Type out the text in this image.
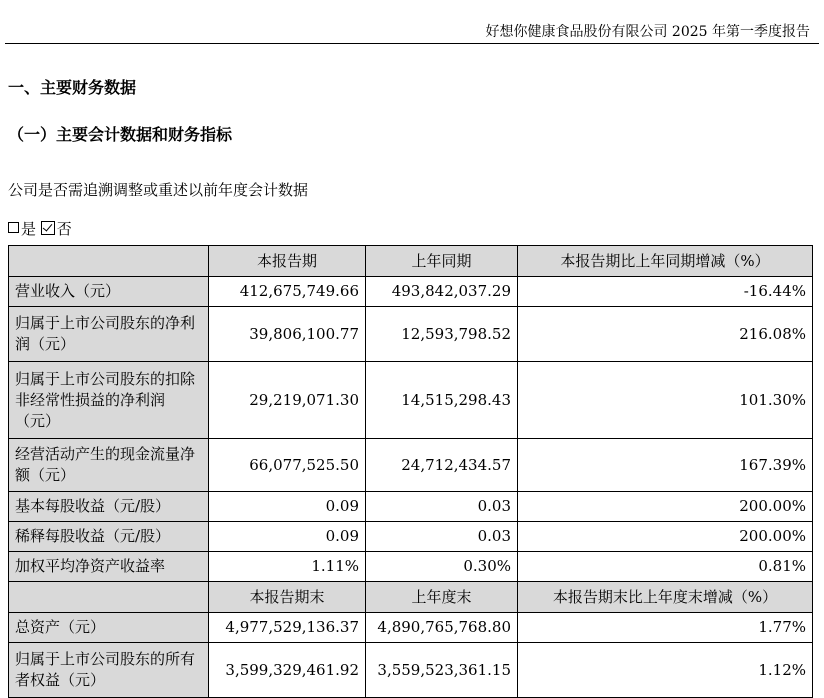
好想你健康食品股份有限公司 2025 年第一季度报告
一、主要财务数据
（一）主要会计数据和财务指标
公司是否需追溯调整或重述以前年度会计数据
是 否
	本报告期	上年同期	本报告期比上年同期增减（%）
营业收入（元）	412,675,749.66	493,842,037.29	-16.44%
归属于上市公司股东的净利润（元）	39,806,100.77	12,593,798.52	216.08%
归属于上市公司股东的扣除非经常性损益的净利润（元）	29,219,071.30	14,515,298.43	101.30%
经营活动产生的现金流量净额（元）	66,077,525.50	24,712,434.57	167.39%
基本每股收益（元/股）	0.09	0.03	200.00%
稀释每股收益（元/股）	0.09	0.03	200.00%
加权平均净资产收益率	1.11%	0.30%	0.81%
	本报告期末	上年度末	本报告期末比上年度末增减（%）
总资产（元）	4,977,529,136.37	4,890,765,768.80	1.77%
归属于上市公司股东的所有者权益（元）	3,599,329,461.92	3,559,523,361.15	1.12%
